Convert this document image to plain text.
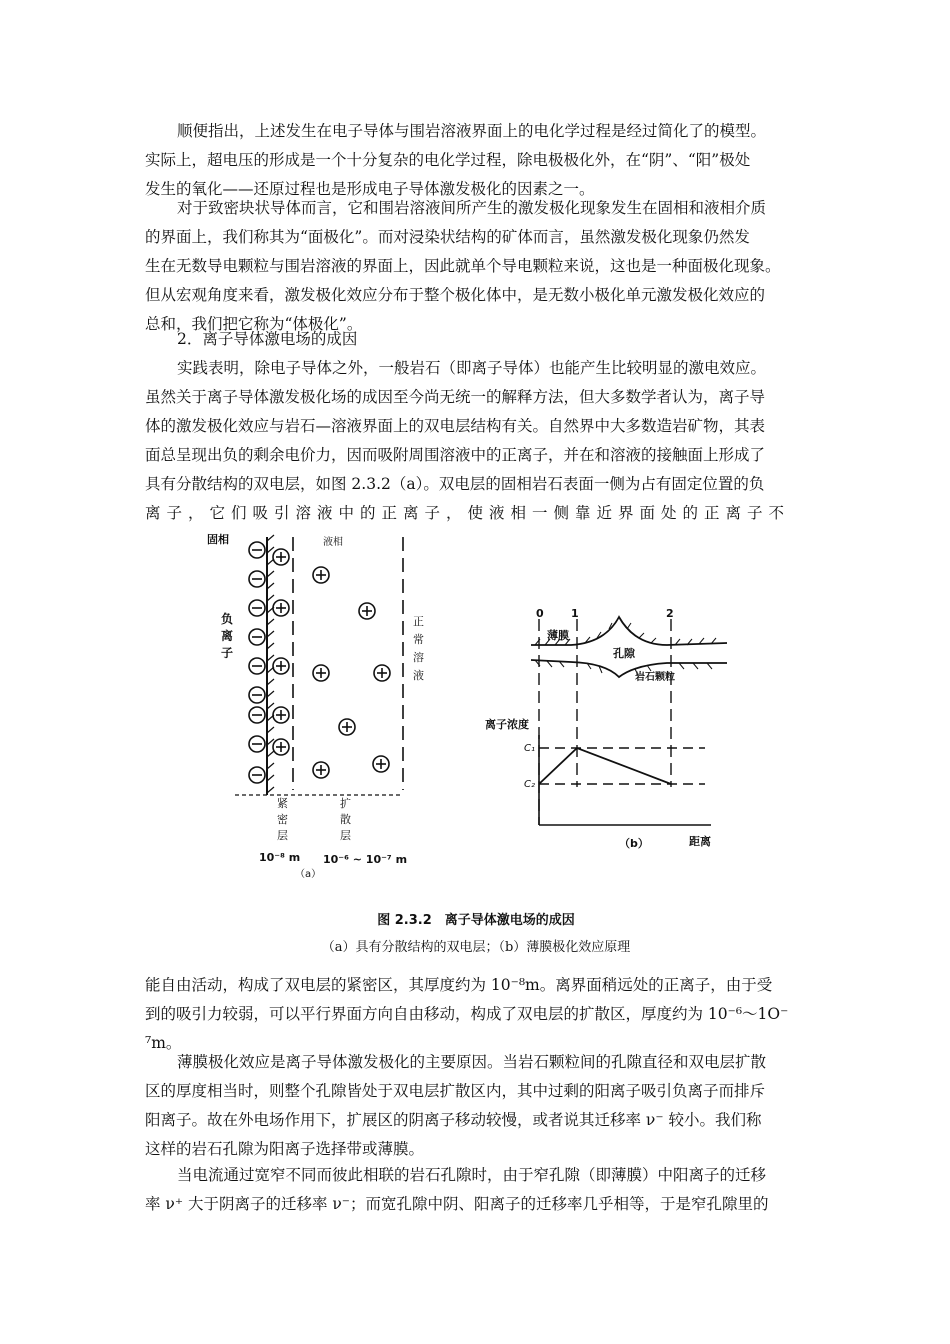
顺便指出，上述发生在电子导体与围岩溶液界面上的电化学过程是经过简化了的模型。
实际上，超电压的形成是一个十分复杂的电化学过程，除电极极化外，在“阴”、“阳”极处
发生的氧化——还原过程也是形成电子导体激发极化的因素之一。

对于致密块状导体而言，它和围岩溶液间所产生的激发极化现象发生在固相和液相介质
的界面上，我们称其为“面极化”。而对浸染状结构的矿体而言，虽然激发极化现象仍然发
生在无数导电颗粒与围岩溶液的界面上，因此就单个导电颗粒来说，这也是一种面极化现象。
但从宏观角度来看，激发极化效应分布于整个极化体中，是无数小极化单元激发极化效应的
总和，我们把它称为“体极化”。

2．离子导体激电场的成因

实践表明，除电子导体之外，一般岩石（即离子导体）也能产生比较明显的激电效应。
虽然关于离子导体激发极化场的成因至今尚无统一的解释方法，但大多数学者认为，离子导
体的激发极化效应与岩石—溶液界面上的双电层结构有关。自然界中大多数造岩矿物，其表
面总呈现出负的剩余电价力，因而吸附周围溶液中的正离子，并在和溶液的接触面上形成了
具有分散结构的双电层，如图 2.3.2（a）。双电层的固相岩石表面一侧为占有固定位置的负
离子，它们吸引溶液中的正离子，使液相一侧靠近界面处的正离子不

固相	液相
负
离
子
正
常
溶
液
紧
密
层
扩
散
层
10⁻⁸ m 10⁻⁶ ~ 10⁻⁷ m
（a）
0 1	2
薄膜
孔隙
岩石颗粒
离子浓度
距离
C₁
C₂
（b）

图 2.3.2　离子导体激电场的成因

（a）具有分散结构的双电层；（b）薄膜极化效应原理

能自由活动，构成了双电层的紧密区，其厚度约为 10⁻⁸m。离界面稍远处的正离子，由于受
到的吸引力较弱，可以平行界面方向自由移动，构成了双电层的扩散区，厚度约为 10⁻⁶～1O⁻
⁷m。

薄膜极化效应是离子导体激发极化的主要原因。当岩石颗粒间的孔隙直径和双电层扩散
区的厚度相当时，则整个孔隙皆处于双电层扩散区内，其中过剩的阳离子吸引负离子而排斥
阳离子。故在外电场作用下，扩展区的阴离子移动较慢，或者说其迁移率 ν⁻ 较小。我们称
这样的岩石孔隙为阳离子选择带或薄膜。

当电流通过宽窄不同而彼此相联的岩石孔隙时，由于窄孔隙（即薄膜）中阳离子的迁移
率 ν⁺ 大于阴离子的迁移率 ν⁻；而宽孔隙中阴、阳离子的迁移率几乎相等，于是窄孔隙里的
